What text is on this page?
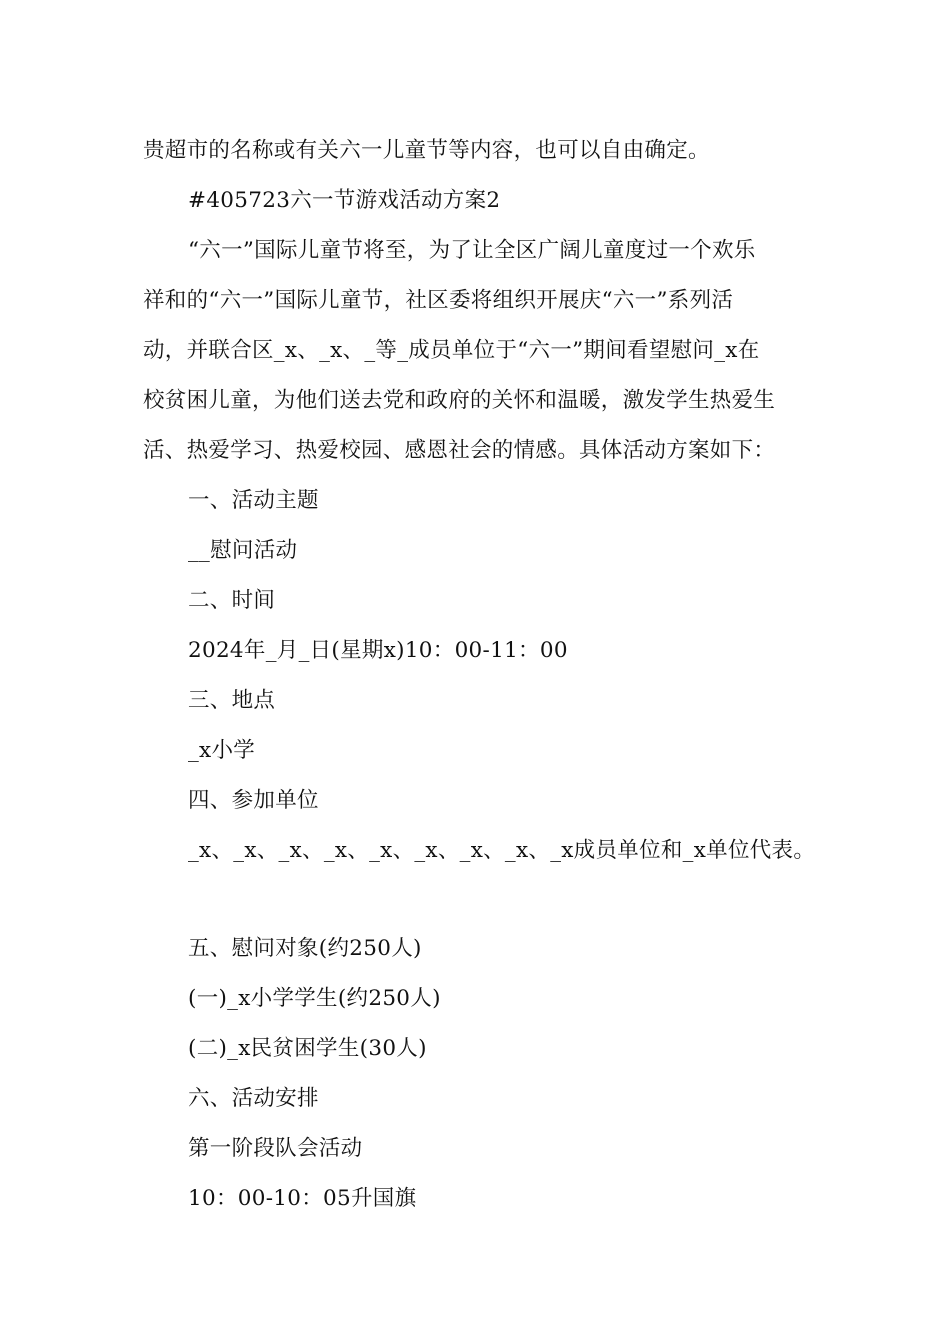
贵超市的名称或有关六一儿童节等内容，也可以自由确定。
#405723六一节游戏活动方案2
“六一”国际儿童节将至，为了让全区广阔儿童度过一个欢乐
祥和的“六一”国际儿童节，社区委将组织开展庆“六一”系列活
动，并联合区_x、_x、_等_成员单位于“六一”期间看望慰问_x在
校贫困儿童，为他们送去党和政府的关怀和温暖，激发学生热爱生
活、热爱学习、热爱校园、感恩社会的情感。具体活动方案如下：
一、活动主题
__慰问活动
二、时间
2024年_月_日(星期x)10：00-11：00
三、地点
_x小学
四、参加单位
_x、_x、_x、_x、_x、_x、_x、_x、_x成员单位和_x单位代表。
五、慰问对象(约250人)
(一)_x小学学生(约250人)
(二)_x民贫困学生(30人)
六、活动安排
第一阶段队会活动
10：00-10：05升国旗
